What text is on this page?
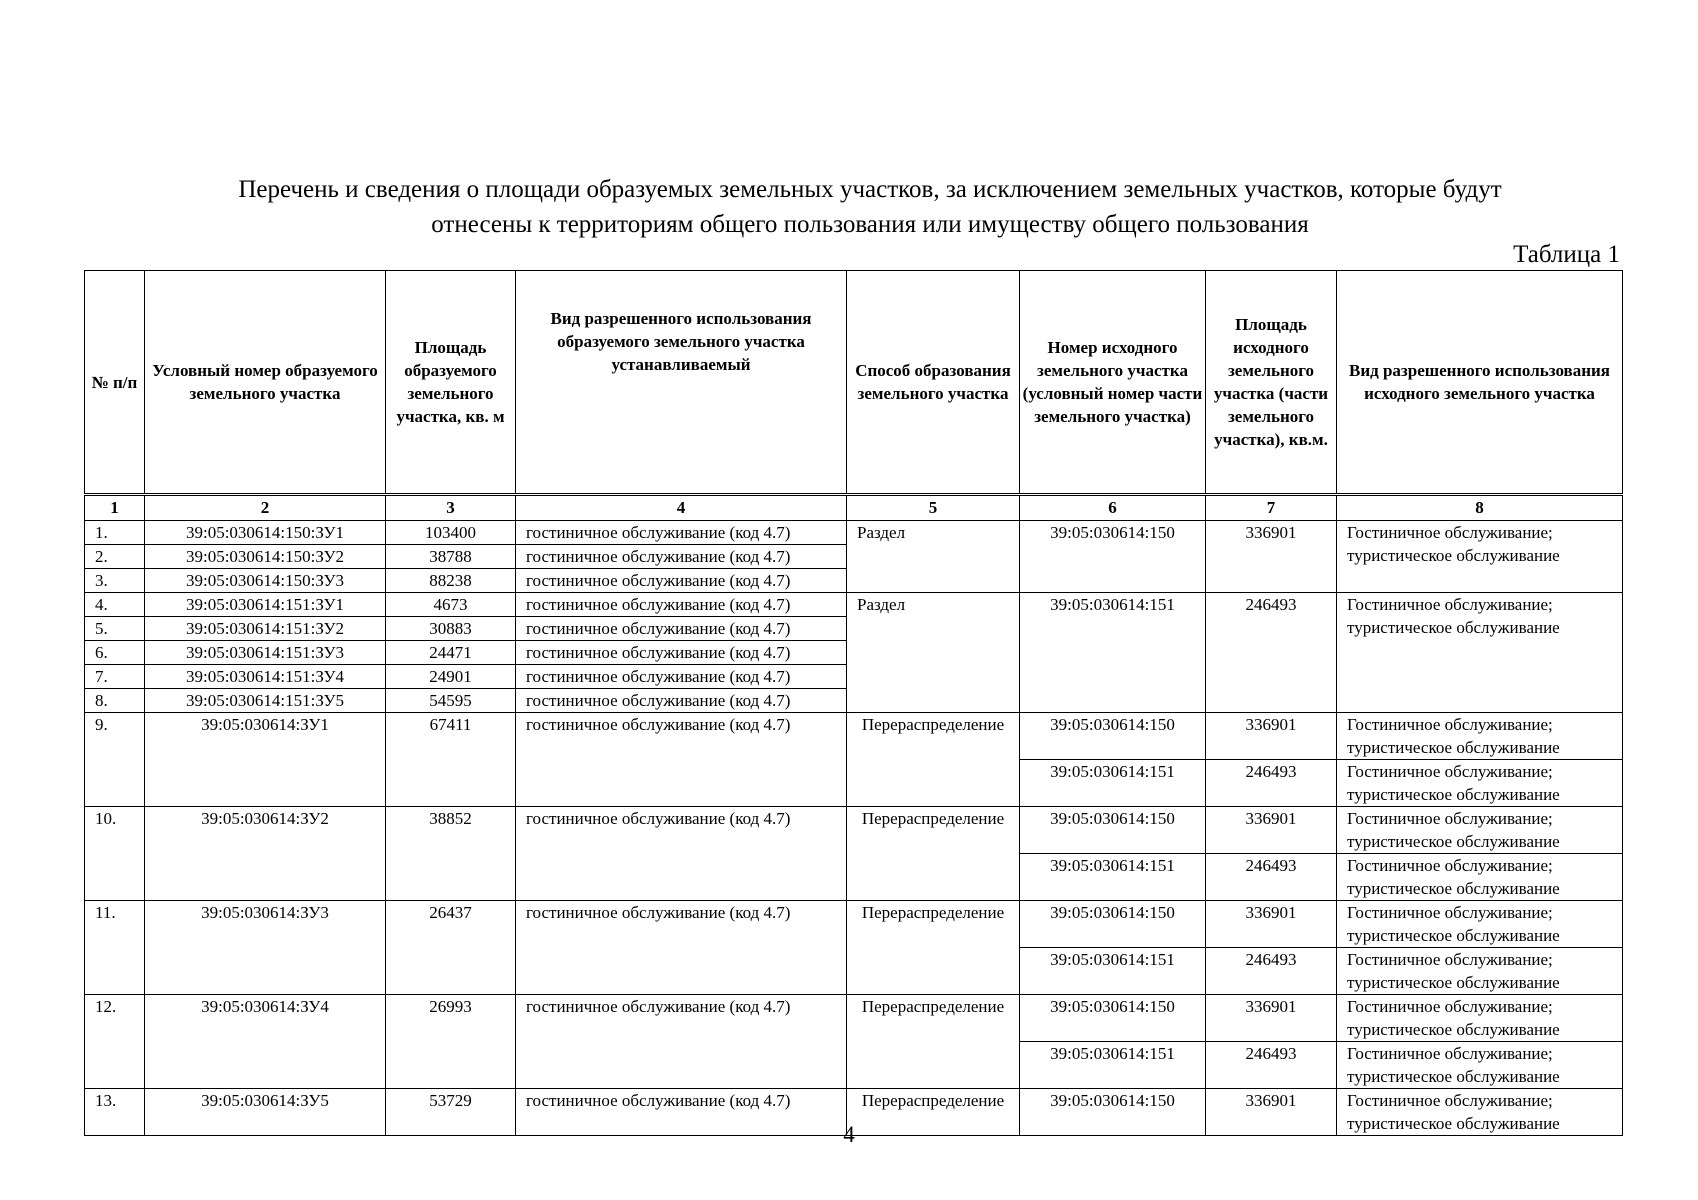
Перечень и сведения о площади образуемых земельных участков, за исключением земельных участков, которые будут
отнесены к территориям общего пользования или имуществу общего пользования
Таблица 1
№ п/п	Условный номер образуемого земельного участка	Площадь образуемого земельного участка, кв. м	Вид разрешенного использования образуемого земельного участка устанавливаемый	Способ образования земельного участка	Номер исходного земельного участка (условный номер части земельного участка)	Площадь исходного земельного участка (части земельного участка), кв.м.	Вид разрешенного использования исходного земельного участка
1	2	3	4	5	6	7	8
1.	39:05:030614:150:ЗУ1	103400	гостиничное обслуживание (код 4.7)	Раздел	39:05:030614:150	336901	Гостиничное обслуживание; туристическое обслуживание
2.	39:05:030614:150:ЗУ2	38788	гостиничное обслуживание (код 4.7)				
3.	39:05:030614:150:ЗУ3	88238	гостиничное обслуживание (код 4.7)				
4.	39:05:030614:151:ЗУ1	4673	гостиничное обслуживание (код 4.7)	Раздел	39:05:030614:151	246493	Гостиничное обслуживание; туристическое обслуживание
5.	39:05:030614:151:ЗУ2	30883	гостиничное обслуживание (код 4.7)				
6.	39:05:030614:151:ЗУ3	24471	гостиничное обслуживание (код 4.7)				
7.	39:05:030614:151:ЗУ4	24901	гостиничное обслуживание (код 4.7)				
8.	39:05:030614:151:ЗУ5	54595	гостиничное обслуживание (код 4.7)				
9.	39:05:030614:ЗУ1	67411	гостиничное обслуживание (код 4.7)	Перераспределение	39:05:030614:150	336901	Гостиничное обслуживание; туристическое обслуживание
					39:05:030614:151	246493	Гостиничное обслуживание; туристическое обслуживание
10.	39:05:030614:ЗУ2	38852	гостиничное обслуживание (код 4.7)	Перераспределение	39:05:030614:150	336901	Гостиничное обслуживание; туристическое обслуживание
					39:05:030614:151	246493	Гостиничное обслуживание; туристическое обслуживание
11.	39:05:030614:ЗУ3	26437	гостиничное обслуживание (код 4.7)	Перераспределение	39:05:030614:150	336901	Гостиничное обслуживание; туристическое обслуживание
					39:05:030614:151	246493	Гостиничное обслуживание; туристическое обслуживание
12.	39:05:030614:ЗУ4	26993	гостиничное обслуживание (код 4.7)	Перераспределение	39:05:030614:150	336901	Гостиничное обслуживание; туристическое обслуживание
					39:05:030614:151	246493	Гостиничное обслуживание; туристическое обслуживание
13.	39:05:030614:ЗУ5	53729	гостиничное обслуживание (код 4.7)	Перераспределение	39:05:030614:150	336901	Гостиничное обслуживание; туристическое обслуживание
4
